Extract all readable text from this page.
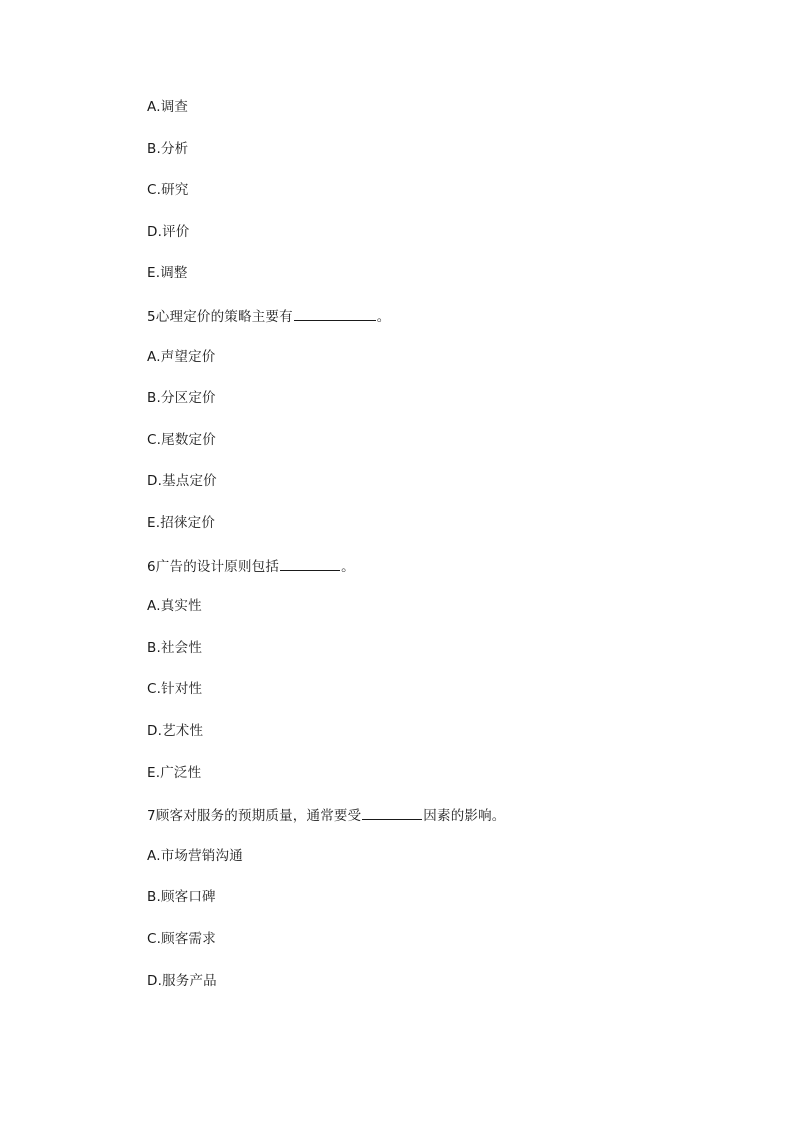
A.调查
B.分析
C.研究
D.评价
E.调整
5心理定价的策略主要有	。
A.声望定价
B.分区定价
C.尾数定价
D.基点定价
E.招徕定价
6广告的设计原则包括	。
A.真实性
B.社会性
C.针对性
D.艺术性
E.广泛性
7顾客对服务的预期质量，通常要受	因素的影响。
A.市场营销沟通
B.顾客口碑
C.顾客需求
D.服务产品
